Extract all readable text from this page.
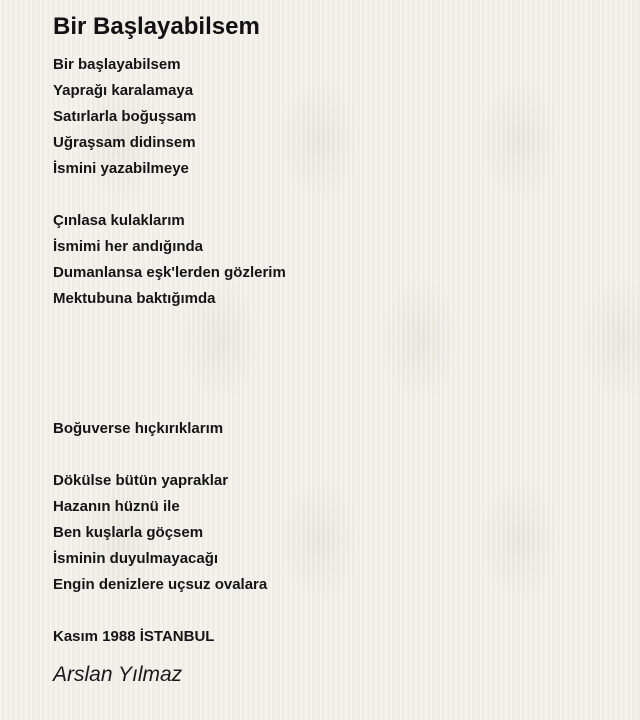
Bir Başlayabilsem
Bir başlayabilsem
Yaprağı karalamaya
Satırlarla boğuşsam
Uğraşsam didinsem
İsmini yazabilmeye
Çınlasa kulaklarım
İsmimi her andığında
Dumanlansa eşk'lerden gözlerim
Mektubuna baktığımda
Boğuverse hıçkırıklarım
Dökülse bütün yapraklar
Hazanın hüznü ile
Ben kuşlarla göçsem
İsminin duyulmayacağı
Engin denizlere uçsuz ovalara
Kasım 1988 İSTANBUL
Arslan Yılmaz
